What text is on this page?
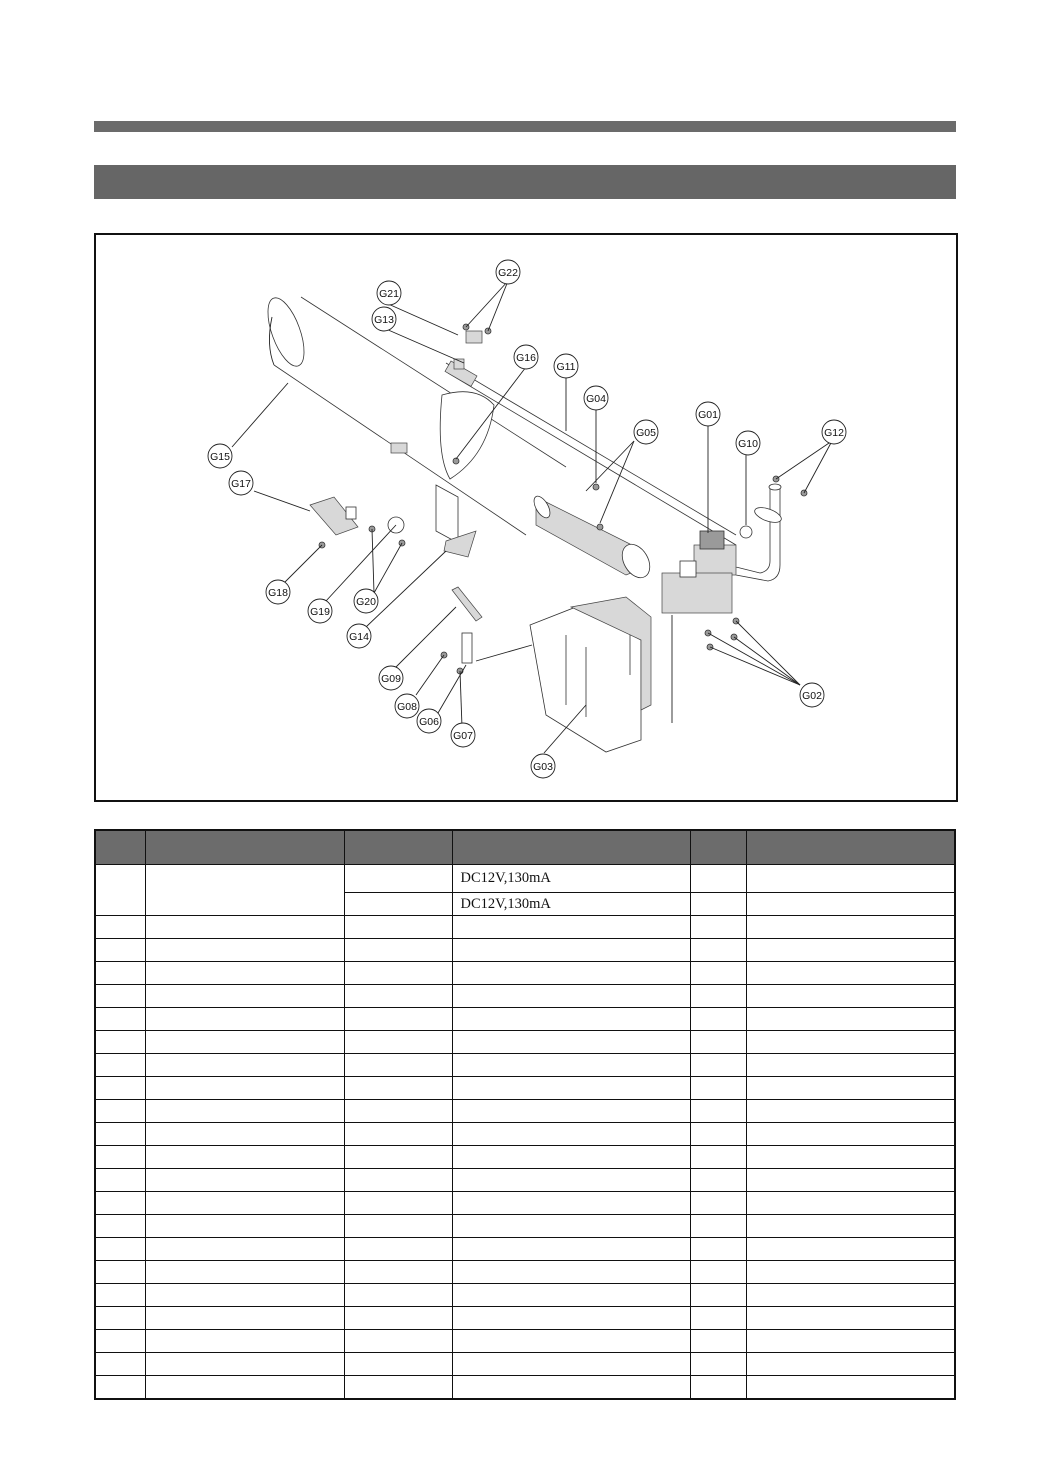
G22
G21
G13
G16
G11
G04
G01
G05
G10
G12
G15
G17
G18
G19
G20
G14
G09
G08
G06
G07
G03
G02

			DC12V,130mA		
			DC12V,130mA		
